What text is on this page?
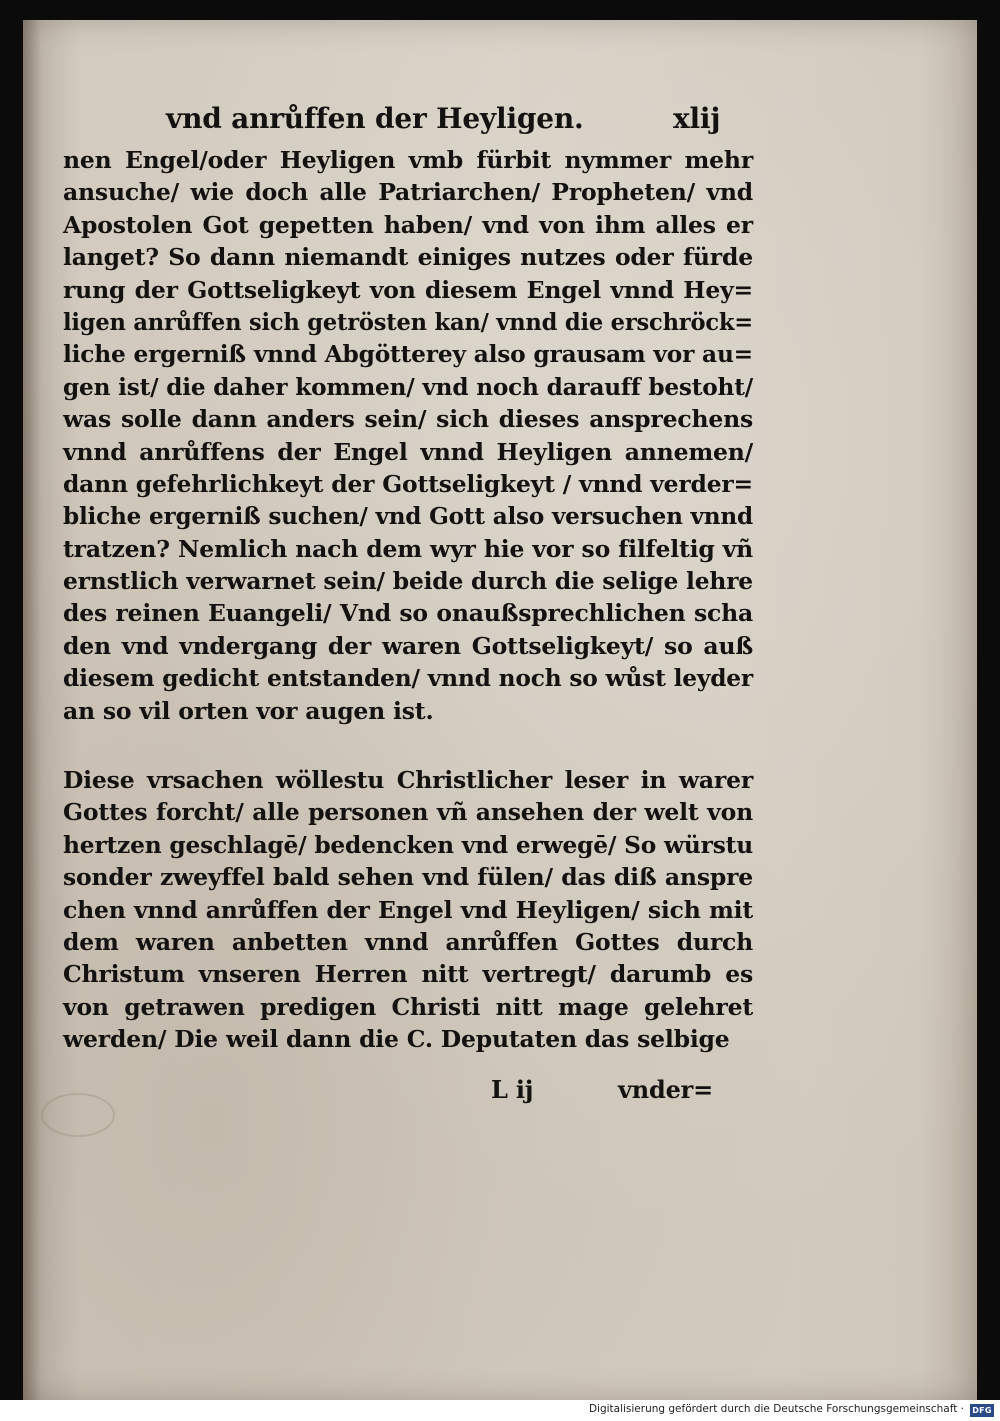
vnd anrůffen der Heyligen.	xlij
nen Engel/oder Heyligen vmb fürbit nymmer mehr
ansuche/ wie doch alle Patriarchen/ Propheten/ vnd
Apostolen Got gepetten haben/ vnd von ihm alles er
langet? So dann niemandt einiges nutzes oder fürde
rung der Gottseligkeyt von diesem Engel vnnd Hey=
ligen anrůffen sich getrösten kan/ vnnd die erschröck=
liche ergerniß vnnd Abgötterey also grausam vor au=
gen ist/ die daher kommen/ vnd noch darauff bestoht/
was solle dann anders sein/ sich dieses ansprechens
vnnd anrůffens der Engel vnnd Heyligen annemen/
dann gefehrlichkeyt der Gottseligkeyt / vnnd verder=
bliche ergerniß suchen/ vnd Gott also versuchen vnnd
tratzen? Nemlich nach dem wyr hie vor so filfeltig vñ
ernstlich verwarnet sein/ beide durch die selige lehre
des reinen Euangeli/ Vnd so onaußsprechlichen scha
den vnd vndergang der waren Gottseligkeyt/ so auß
diesem gedicht entstanden/ vnnd noch so wůst leyder
an so vil orten vor augen ist.
Diese vrsachen wöllestu Christlicher leser in warer
Gottes forcht/ alle personen vñ ansehen der welt von
hertzen geschlagē/ bedencken vnd erwegē/ So würstu
sonder zweyffel bald sehen vnd fülen/ das diß anspre
chen vnnd anrůffen der Engel vnd Heyligen/ sich mit
dem waren anbetten vnnd anrůffen Gottes durch
Christum vnseren Herren nitt vertregt/ darumb es
von getrawen predigen Christi nitt mage gelehret
werden/ Die weil dann die C. Deputaten das selbige
L ij	vnder=
Digitalisierung gefördert durch die Deutsche Forschungsgemeinschaft · DFG
